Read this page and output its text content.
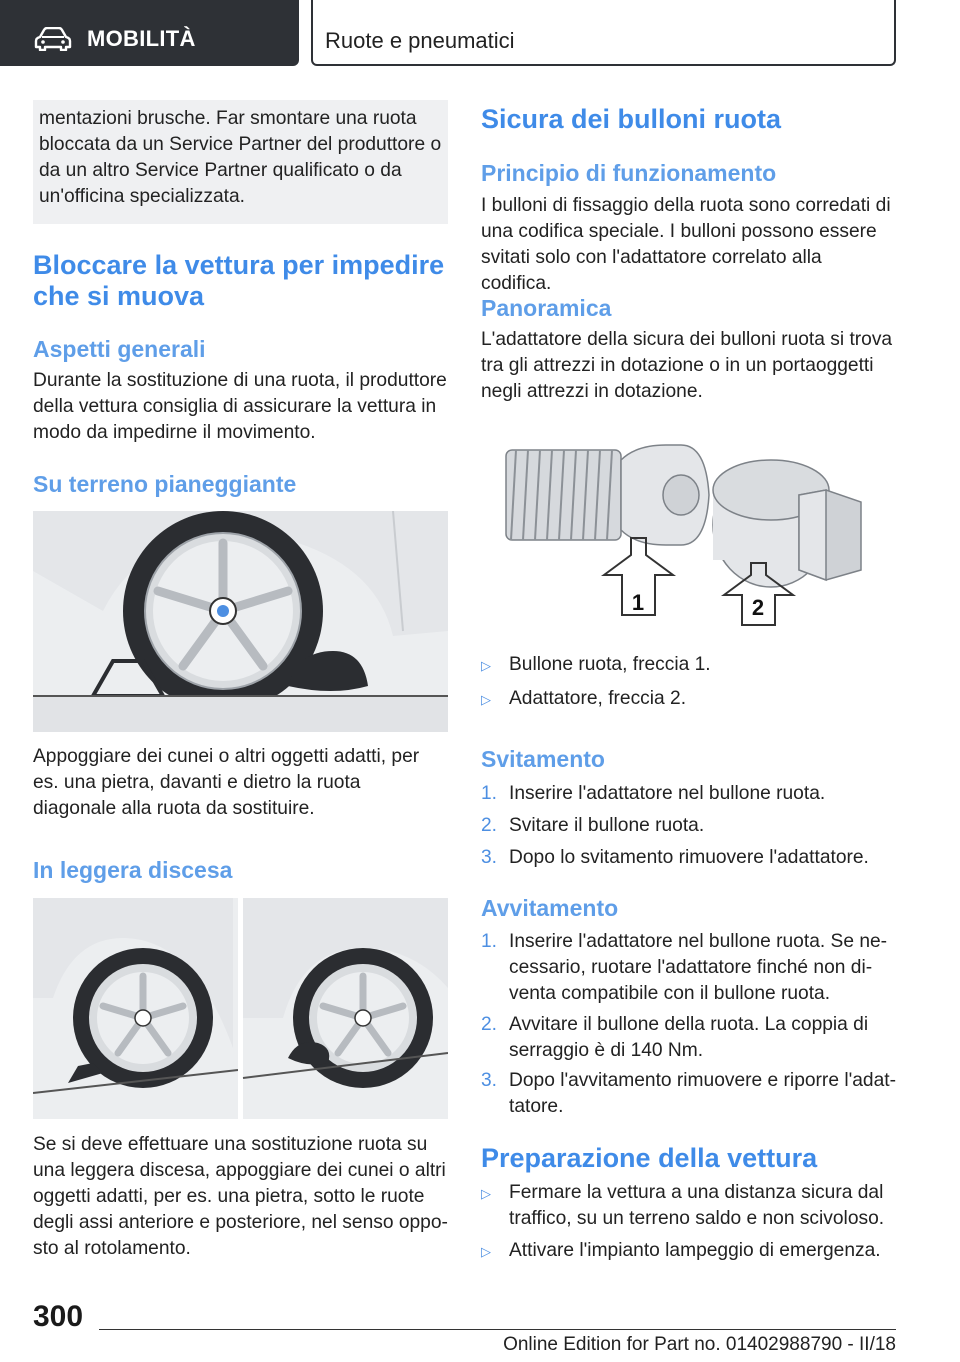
MOBILITÀ	Ruote e pneumatici
mentazioni brusche. Far smontare una ruota bloccata da un Service Partner del produttore o da un altro Service Partner qualificato o da un'officina specializzata.
Bloccare la vettura per impedire che si muova
Aspetti generali
Durante la sostituzione di una ruota, il produttore della vettura consiglia di assicurare la vettura in modo da impedirne il movimento.
Su terreno pianeggiante
Appoggiare dei cunei o altri oggetti adatti, per es. una pietra, davanti e dietro la ruota diagonale alla ruota da sostituire.
In leggera discesa
Se si deve effettuare una sostituzione ruota su una leggera discesa, appoggiare dei cunei o altri oggetti adatti, per es. una pietra, sotto le ruote degli assi anteriore e posteriore, nel senso oppo-sto al rotolamento.
Sicura dei bulloni ruota
Principio di funzionamento
I bulloni di fissaggio della ruota sono corredati di una codifica speciale. I bulloni possono essere svitati solo con l'adattatore correlato alla codifica.
Panoramica
L'adattatore della sicura dei bulloni ruota si trova tra gli attrezzi in dotazione o in un portaoggetti negli attrezzi in dotazione.
1	2
▷ Bullone ruota, freccia 1.
▷ Adattatore, freccia 2.
Svitamento
1. Inserire l'adattatore nel bullone ruota.
2. Svitare il bullone ruota.
3. Dopo lo svitamento rimuovere l'adattatore.
Avvitamento
1. Inserire l'adattatore nel bullone ruota. Se ne-cessario, ruotare l'adattatore finché non di-venta compatibile con il bullone ruota.
2. Avvitare il bullone della ruota. La coppia di serraggio è di 140 Nm.
3. Dopo l'avvitamento rimuovere e riporre l'adat-tatore.
Preparazione della vettura
▷ Fermare la vettura a una distanza sicura dal traffico, su un terreno saldo e non scivoloso.
▷ Attivare l'impianto lampeggio di emergenza.
300
Online Edition for Part no. 01402988790 - II/18
